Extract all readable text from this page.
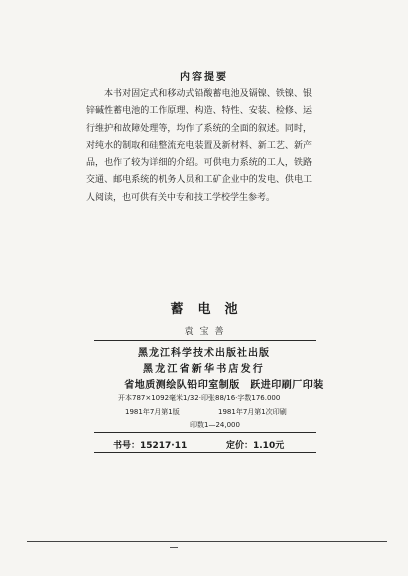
内容提要

本书对固定式和移动式铅酸蓄电池及镉镍、铁镍、银锌碱性蓄电池的工作原理、构造、特性、安装、检修、运行维护和故障处理等，均作了系统的全面的叙述。同时，对纯水的制取和硅整流充电装置及新材料、新工艺、新产品，也作了较为详细的介绍。可供电力系统的工人，铁路交通、邮电系统的机务人员和工矿企业中的发电、供电工人阅读，也可供有关中专和技工学校学生参考。

蓄电池
袁宝善
黑龙江科学技术出版社出版
黑龙江省新华书店发行
省地质测绘队铅印室制版　跃进印刷厂印装
开本787×1092毫米1/32·印张88/16·字数176.000
1981年7月第1版	1981年7月第1次印刷
印数1—24,000
书号：15217·11	定价：1.10元
